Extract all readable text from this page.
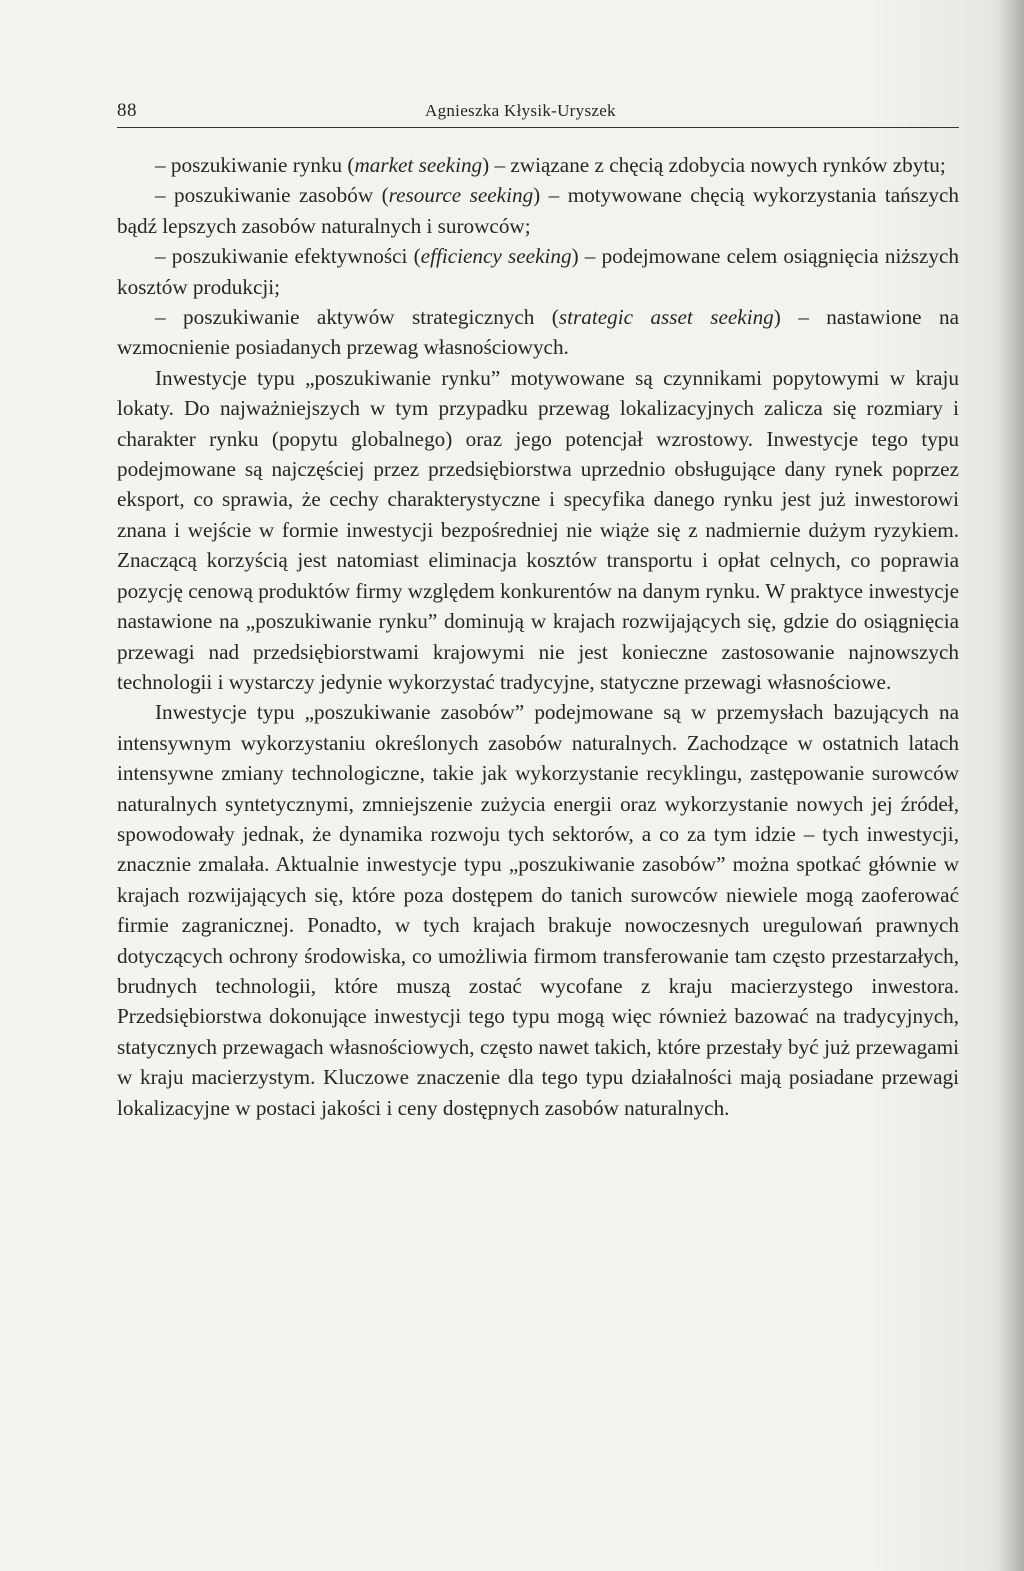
88	Agnieszka Kłysik-Uryszek

– poszukiwanie rynku (market seeking) – związane z chęcią zdobycia nowych rynków zbytu;

– poszukiwanie zasobów (resource seeking) – motywowane chęcią wykorzystania tańszych bądź lepszych zasobów naturalnych i surowców;

– poszukiwanie efektywności (efficiency seeking) – podejmowane celem osiągnięcia niższych kosztów produkcji;

– poszukiwanie aktywów strategicznych (strategic asset seeking) – nastawione na wzmocnienie posiadanych przewag własnościowych.

Inwestycje typu „poszukiwanie rynku” motywowane są czynnikami popytowymi w kraju lokaty. Do najważniejszych w tym przypadku przewag lokalizacyjnych zalicza się rozmiary i charakter rynku (popytu globalnego) oraz jego potencjał wzrostowy. Inwestycje tego typu podejmowane są najczęściej przez przedsiębiorstwa uprzednio obsługujące dany rynek poprzez eksport, co sprawia, że cechy charakterystyczne i specyfika danego rynku jest już inwestorowi znana i wejście w formie inwestycji bezpośredniej nie wiąże się z nadmiernie dużym ryzykiem. Znaczącą korzyścią jest natomiast eliminacja kosztów transportu i opłat celnych, co poprawia pozycję cenową produktów firmy względem konkurentów na danym rynku. W praktyce inwestycje nastawione na „poszukiwanie rynku” dominują w krajach rozwijających się, gdzie do osiągnięcia przewagi nad przedsiębiorstwami krajowymi nie jest konieczne zastosowanie najnowszych technologii i wystarczy jedynie wykorzystać tradycyjne, statyczne przewagi własnościowe.

Inwestycje typu „poszukiwanie zasobów” podejmowane są w przemysłach bazujących na intensywnym wykorzystaniu określonych zasobów naturalnych. Zachodzące w ostatnich latach intensywne zmiany technologiczne, takie jak wykorzystanie recyklingu, zastępowanie surowców naturalnych syntetycznymi, zmniejszenie zużycia energii oraz wykorzystanie nowych jej źródeł, spowodowały jednak, że dynamika rozwoju tych sektorów, a co za tym idzie – tych inwestycji, znacznie zmalała. Aktualnie inwestycje typu „poszukiwanie zasobów” można spotkać głównie w krajach rozwijających się, które poza dostępem do tanich surowców niewiele mogą zaoferować firmie zagranicznej. Ponadto, w tych krajach brakuje nowoczesnych uregulowań prawnych dotyczących ochrony środowiska, co umożliwia firmom transferowanie tam często przestarzałych, brudnych technologii, które muszą zostać wycofane z kraju macierzystego inwestora. Przedsiębiorstwa dokonujące inwestycji tego typu mogą więc również bazować na tradycyjnych, statycznych przewagach własnościowych, często nawet takich, które przestały być już przewagami w kraju macierzystym. Kluczowe znaczenie dla tego typu działalności mają posiadane przewagi lokalizacyjne w postaci jakości i ceny dostępnych zasobów naturalnych.
